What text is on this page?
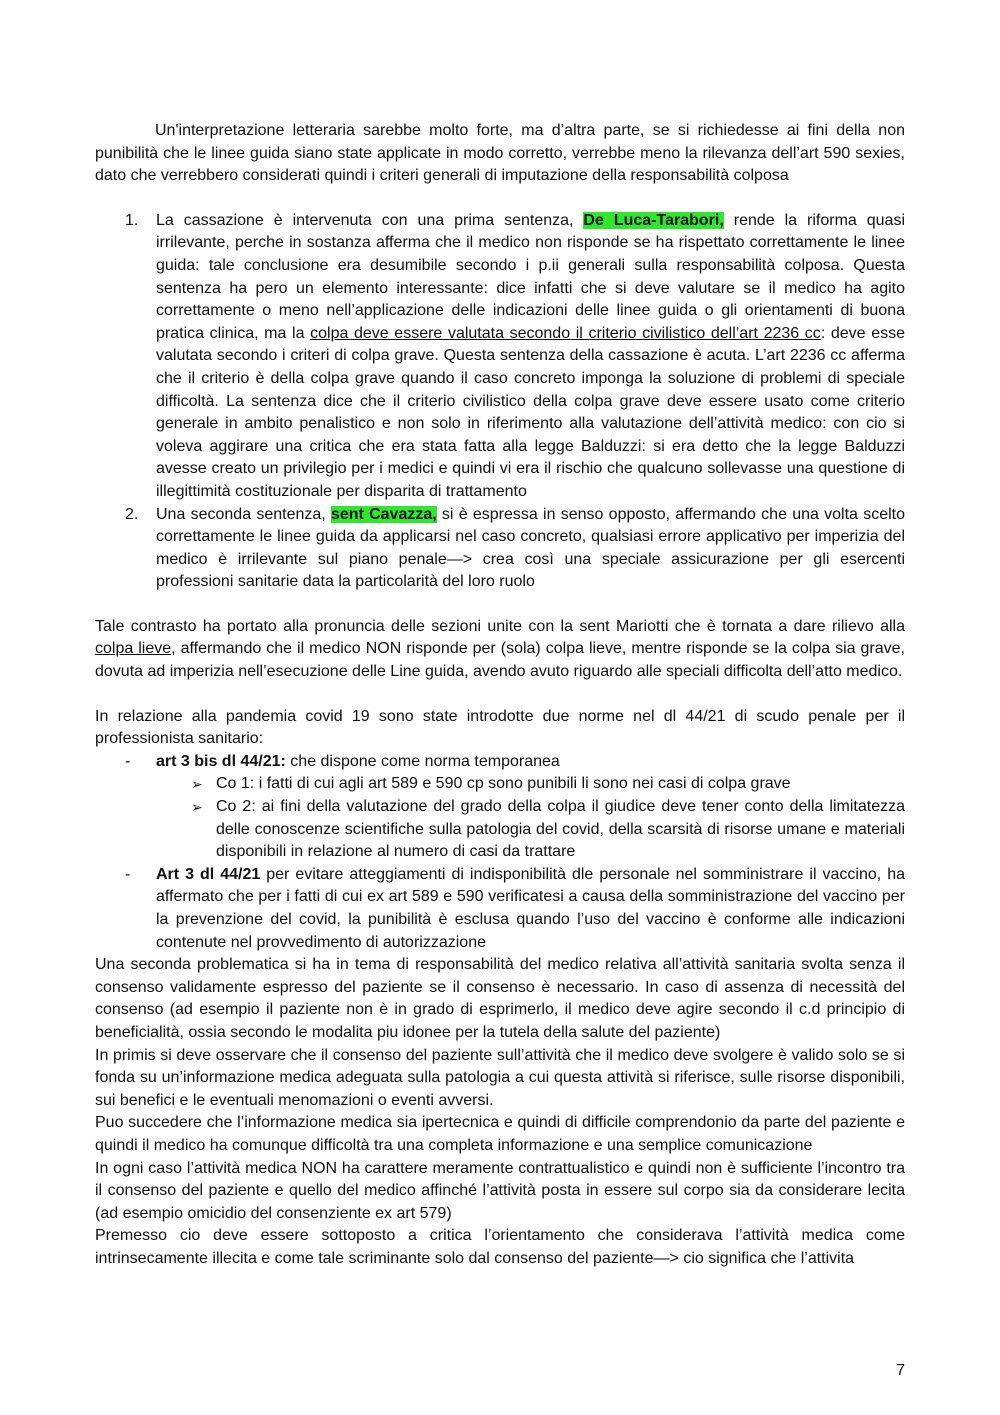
Un'interpretazione letteraria sarebbe molto forte, ma d’altra parte, se si richiedesse ai fini della non punibilità che le linee guida siano state applicate in modo corretto, verrebbe meno la rilevanza dell’art 590 sexies, dato che verrebbero considerati quindi i criteri generali di imputazione della responsabilità colposa

1. La cassazione è intervenuta con una prima sentenza, De Luca-Tarabori, rende la riforma quasi irrilevante, perche in sostanza afferma che il medico non risponde se ha rispettato correttamente le linee guida: tale conclusione era desumibile secondo i p.ii generali sulla responsabilità colposa. Questa sentenza ha pero un elemento interessante: dice infatti che si deve valutare se il medico ha agito correttamente o meno nell’applicazione delle indicazioni delle linee guida o gli orientamenti di buona pratica clinica, ma la colpa deve essere valutata secondo il criterio civilistico dell’art 2236 cc: deve esse valutata secondo i criteri di colpa grave. Questa sentenza della cassazione è acuta. L’art 2236 cc afferma che il criterio è della colpa grave quando il caso concreto imponga la soluzione di problemi di speciale difficoltà. La sentenza dice che il criterio civilistico della colpa grave deve essere usato come criterio generale in ambito penalistico e non solo in riferimento alla valutazione dell’attività medico: con cio si voleva aggirare una critica che era stata fatta alla legge Balduzzi: si era detto che la legge Balduzzi avesse creato un privilegio per i medici e quindi vi era il rischio che qualcuno sollevasse una questione di illegittimità costituzionale per disparita di trattamento
2. Una seconda sentenza, sent Cavazza, si è espressa in senso opposto, affermando che una volta scelto correttamente le linee guida da applicarsi nel caso concreto, qualsiasi errore applicativo per imperizia del medico è irrilevante sul piano penale—> crea così una speciale assicurazione per gli esercenti professioni sanitarie data la particolarità del loro ruolo

Tale contrasto ha portato alla pronuncia delle sezioni unite con la sent Mariotti che è tornata a dare rilievo alla colpa lieve, affermando che il medico NON risponde per (sola) colpa lieve, mentre risponde se la colpa sia grave, dovuta ad imperizia nell’esecuzione delle Line guida, avendo avuto riguardo alle speciali difficolta dell’atto medico.

In relazione alla pandemia covid 19 sono state introdotte due norme nel dl 44/21 di scudo penale per il professionista sanitario:

- art 3 bis dl 44/21: che dispone come norma temporanea
➢ Co 1: i fatti di cui agli art 589 e 590 cp sono punibili li sono nei casi di colpa grave
➢ Co 2: ai fini della valutazione del grado della colpa il giudice deve tener conto della limitatezza delle conoscenze scientifiche sulla patologia del covid, della scarsità di risorse umane e materiali disponibili in relazione al numero di casi da trattare
- Art 3 dl 44/21 per evitare atteggiamenti di indisponibilità dle personale nel somministrare il vaccino, ha affermato che per i fatti di cui ex art 589 e 590 verificatesi a causa della somministrazione del vaccino per la prevenzione del covid, la punibilità è esclusa quando l’uso del vaccino è conforme alle indicazioni contenute nel provvedimento di autorizzazione

Una seconda problematica si ha in tema di responsabilità del medico relativa all’attività sanitaria svolta senza il consenso validamente espresso del paziente se il consenso è necessario. In caso di assenza di necessità del consenso (ad esempio il paziente non è in grado di esprimerlo, il medico deve agire secondo il c.d principio di beneficialità, ossia secondo le modalita piu idonee per la tutela della salute del paziente)

In primis si deve osservare che il consenso del paziente sull’attività che il medico deve svolgere è valido solo se si fonda su un’informazione medica adeguata sulla patologia a cui questa attività si riferisce, sulle risorse disponibili, sui benefici e le eventuali menomazioni o eventi avversi.

Puo succedere che l’informazione medica sia ipertecnica e quindi di difficile comprendonio da parte del paziente e quindi il medico ha comunque difficoltà tra una completa informazione e una semplice comunicazione

In ogni caso l’attività medica NON ha carattere meramente contrattualistico e quindi non è sufficiente l’incontro tra il consenso del paziente e quello del medico affinché l’attività posta in essere sul corpo sia da considerare lecita (ad esempio omicidio del consenziente ex art 579)

Premesso cio deve essere sottoposto a critica l’orientamento che considerava l’attività medica come intrinsecamente illecita e come tale scriminante solo dal consenso del paziente—> cio significa che l’attivita

7
